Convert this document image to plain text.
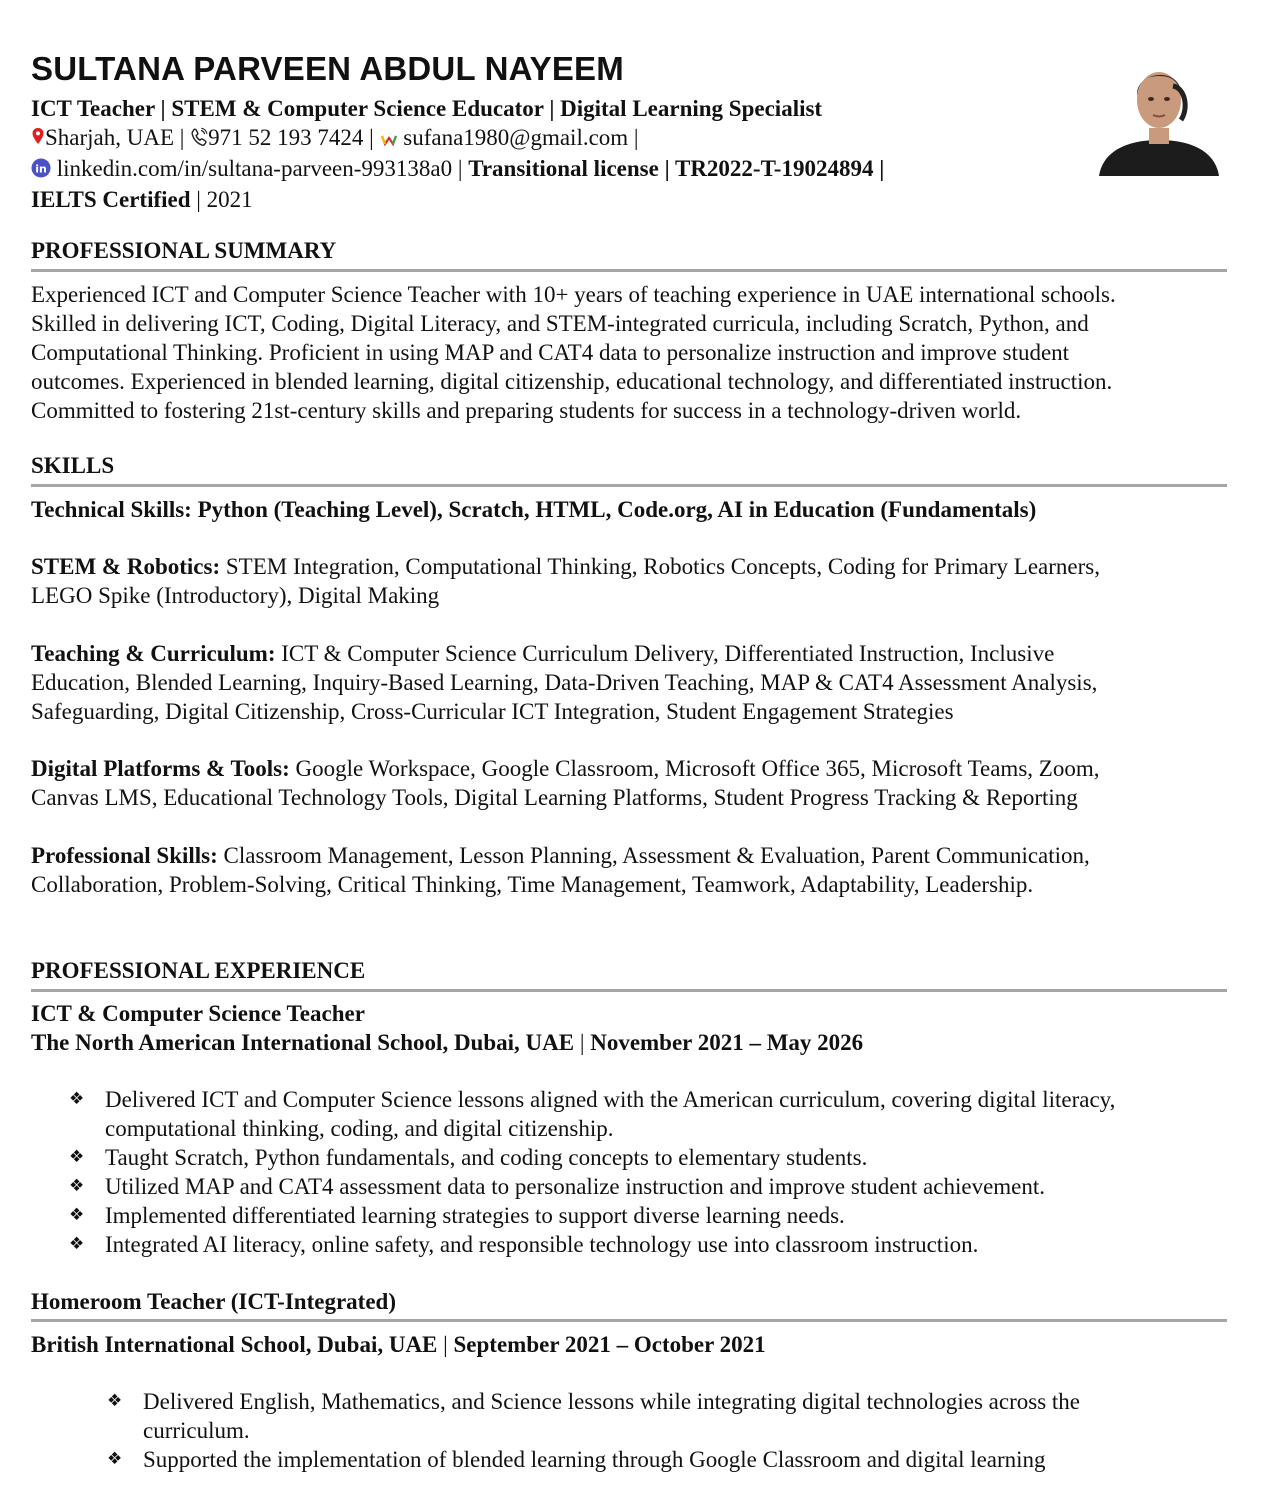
SULTANA PARVEEN ABDUL NAYEEM
ICT Teacher | STEM & Computer Science Educator | Digital Learning Specialist
Sharjah, UAE | 971 52 193 7424 | sufana1980@gmail.com |
in linkedin.com/in/sultana-parveen-993138a0 | Transitional license | TR2022-T-19024894 |
IELTS Certified | 2021
PROFESSIONAL SUMMARY
Experienced ICT and Computer Science Teacher with 10+ years of teaching experience in UAE international schools.
Skilled in delivering ICT, Coding, Digital Literacy, and STEM-integrated curricula, including Scratch, Python, and
Computational Thinking. Proficient in using MAP and CAT4 data to personalize instruction and improve student
outcomes. Experienced in blended learning, digital citizenship, educational technology, and differentiated instruction.
Committed to fostering 21st-century skills and preparing students for success in a technology-driven world.
SKILLS
Technical Skills: Python (Teaching Level), Scratch, HTML, Code.org, AI in Education (Fundamentals)
STEM & Robotics: STEM Integration, Computational Thinking, Robotics Concepts, Coding for Primary Learners,
LEGO Spike (Introductory), Digital Making
Teaching & Curriculum: ICT & Computer Science Curriculum Delivery, Differentiated Instruction, Inclusive
Education, Blended Learning, Inquiry-Based Learning, Data-Driven Teaching, MAP & CAT4 Assessment Analysis,
Safeguarding, Digital Citizenship, Cross-Curricular ICT Integration, Student Engagement Strategies
Digital Platforms & Tools: Google Workspace, Google Classroom, Microsoft Office 365, Microsoft Teams, Zoom,
Canvas LMS, Educational Technology Tools, Digital Learning Platforms, Student Progress Tracking & Reporting
Professional Skills: Classroom Management, Lesson Planning, Assessment & Evaluation, Parent Communication,
Collaboration, Problem-Solving, Critical Thinking, Time Management, Teamwork, Adaptability, Leadership.
PROFESSIONAL EXPERIENCE
ICT & Computer Science Teacher
The North American International School, Dubai, UAE | November 2021 – May 2026
❖ Delivered ICT and Computer Science lessons aligned with the American curriculum, covering digital literacy,
computational thinking, coding, and digital citizenship.
❖ Taught Scratch, Python fundamentals, and coding concepts to elementary students.
❖ Utilized MAP and CAT4 assessment data to personalize instruction and improve student achievement.
❖ Implemented differentiated learning strategies to support diverse learning needs.
❖ Integrated AI literacy, online safety, and responsible technology use into classroom instruction.
Homeroom Teacher (ICT-Integrated)
British International School, Dubai, UAE | September 2021 – October 2021
❖ Delivered English, Mathematics, and Science lessons while integrating digital technologies across the
curriculum.
❖ Supported the implementation of blended learning through Google Classroom and digital learning
